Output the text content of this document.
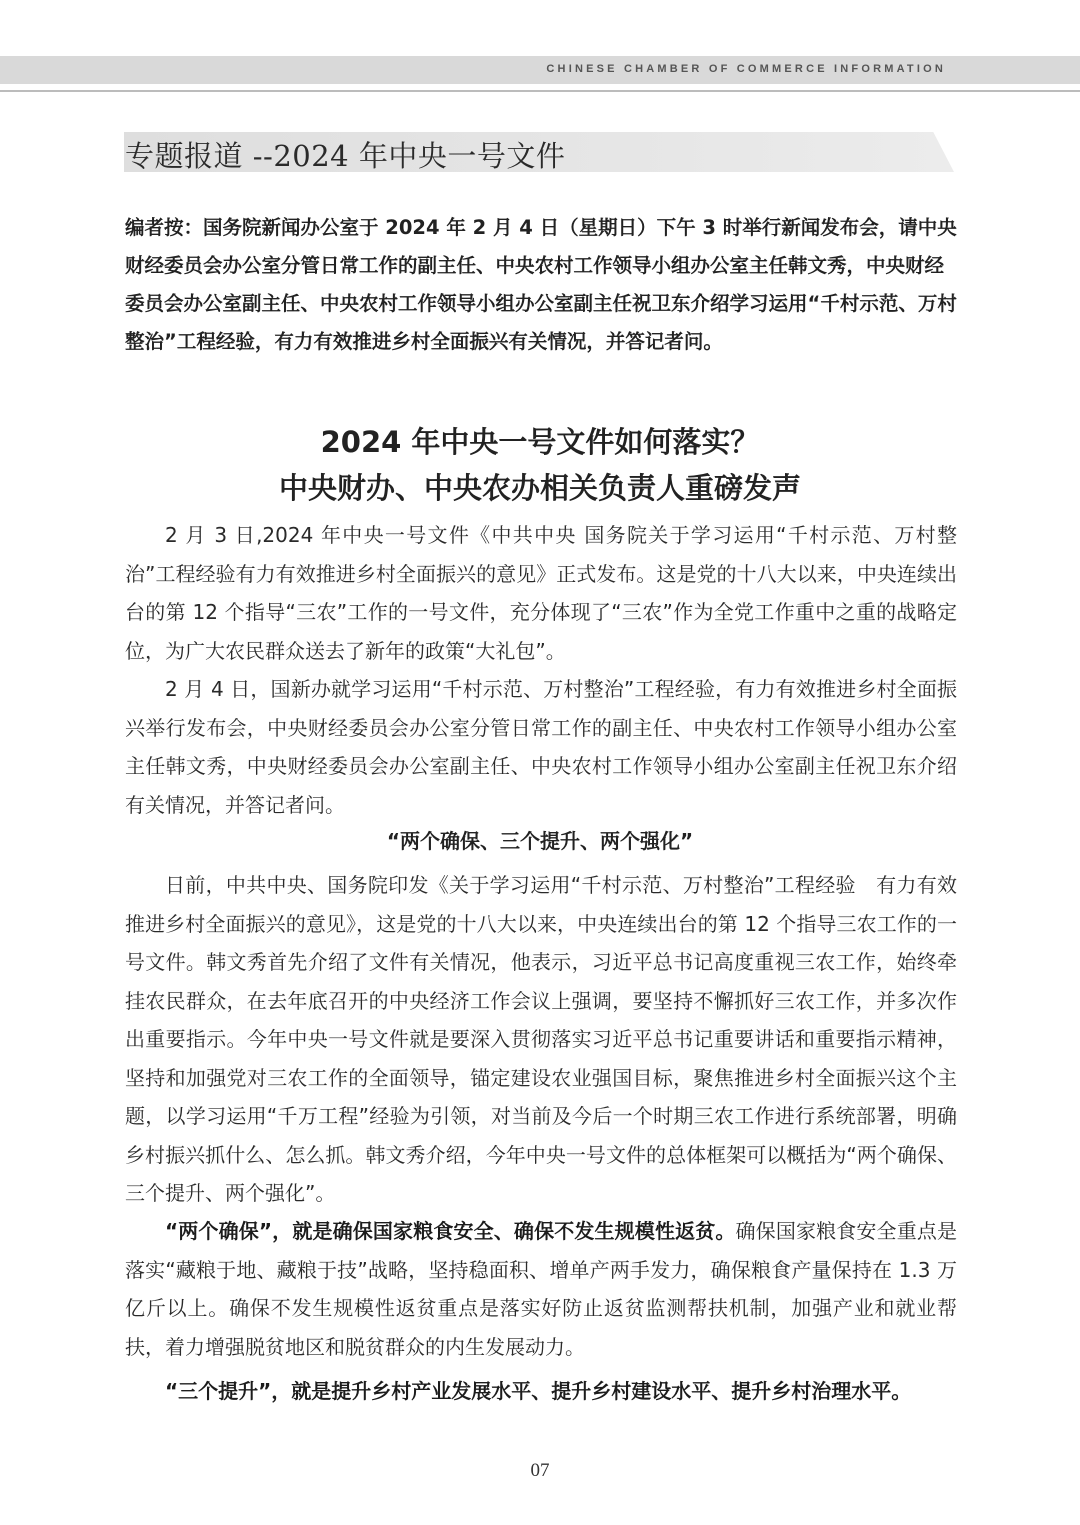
CHINESE CHAMBER OF COMMERCE INFORMATION
专题报道 --2024 年中央一号文件
编者按：国务院新闻办公室于 2024 年 2 月 4 日（星期日）下午 3 时举行新闻发布会，请中央财经委员会办公室分管日常工作的副主任、中央农村工作领导小组办公室主任韩文秀，中央财经委员会办公室副主任、中央农村工作领导小组办公室副主任祝卫东介绍学习运用“千村示范、万村整治”工程经验，有力有效推进乡村全面振兴有关情况，并答记者问。
2024 年中央一号文件如何落实？
中央财办、中央农办相关负责人重磅发声

2 月 3 日,2024 年中央一号文件《中共中央 国务院关于学习运用“千村示范、万村整治”工程经验有力有效推进乡村全面振兴的意见》正式发布。这是党的十八大以来，中央连续出台的第 12 个指导“三农”工作的一号文件，充分体现了“三农”作为全党工作重中之重的战略定位，为广大农民群众送去了新年的政策“大礼包”。

2 月 4 日，国新办就学习运用“千村示范、万村整治”工程经验，有力有效推进乡村全面振兴举行发布会，中央财经委员会办公室分管日常工作的副主任、中央农村工作领导小组办公室主任韩文秀，中央财经委员会办公室副主任、中央农村工作领导小组办公室副主任祝卫东介绍有关情况，并答记者问。

“两个确保、三个提升、两个强化”

日前，中共中央、国务院印发《关于学习运用“千村示范、万村整治”工程经验　有力有效推进乡村全面振兴的意见》，这是党的十八大以来，中央连续出台的第 12 个指导三农工作的一号文件。韩文秀首先介绍了文件有关情况，他表示，习近平总书记高度重视三农工作，始终牵挂农民群众，在去年底召开的中央经济工作会议上强调，要坚持不懈抓好三农工作，并多次作出重要指示。今年中央一号文件就是要深入贯彻落实习近平总书记重要讲话和重要指示精神，坚持和加强党对三农工作的全面领导，锚定建设农业强国目标，聚焦推进乡村全面振兴这个主题，以学习运用“千万工程”经验为引领，对当前及今后一个时期三农工作进行系统部署，明确乡村振兴抓什么、怎么抓。韩文秀介绍，今年中央一号文件的总体框架可以概括为“两个确保、三个提升、两个强化”。

“两个确保”，就是确保国家粮食安全、确保不发生规模性返贫。确保国家粮食安全重点是落实“藏粮于地、藏粮于技”战略，坚持稳面积、增单产两手发力，确保粮食产量保持在 1.3 万亿斤以上。确保不发生规模性返贫重点是落实好防止返贫监测帮扶机制，加强产业和就业帮扶，着力增强脱贫地区和脱贫群众的内生发展动力。

“三个提升”，就是提升乡村产业发展水平、提升乡村建设水平、提升乡村治理水平。

07
